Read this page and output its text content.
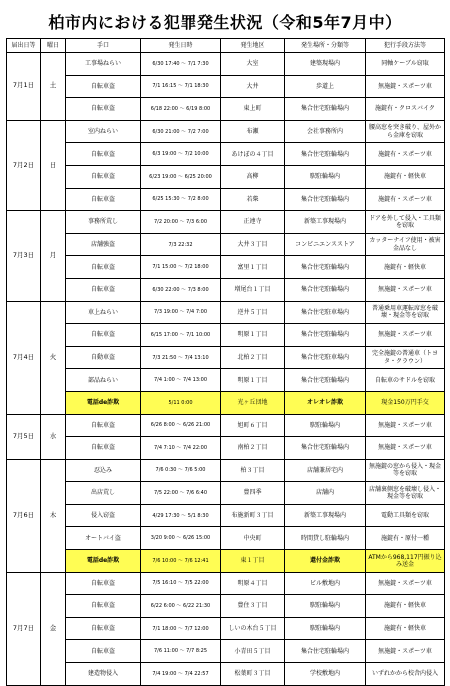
柏市内における犯罪発生状況（令和5年7月中）
届出日等	曜日	手口	発生日時	発生地区	発生場所・分類等	犯行手段方法等
7月1日	土	工事場ねらい	6/30 17:40 ～ 7/1 7:30	大室	建築現場内	同軸ケーブル窃取
		自転車盗	7/1 16:15 ～ 7/1 18:30	大井	歩道上	無施錠・スポーツ車
		自転車盗	6/18 22:00 ～ 6/19 8:00	東上町	集合住宅駐輪場内	施錠有・クロスバイク
7月2日	日	室内ねらい	6/30 21:00 ～ 7/2 7:00	布瀬	会社事務所内	腰高窓を突き破り、屋外から金庫を窃取
		自転車盗	6/3 19:00 ～ 7/2 10:00	あけぼの４丁目	集合住宅駐輪場内	施錠有・スポーツ車
		自転車盗	6/23 19:00 ～ 6/25 20:00	高柳	駅駐輪場内	施錠有・軽快車
		自転車盗	6/25 15:30 ～ 7/2 8:00	若柴	集合住宅駐輪場内	施錠有・スポーツ車
7月3日	月	事務所荒し	7/2 20:00 ～ 7/3 6:00	正連寺	新築工事現場内	ドアを外して侵入・工具類を窃取
		店舗強盗	7/3 22:32	大井３丁目	コンビニエンスストア	カッターナイフ使用・被害金品なし
		自転車盗	7/1 15:00 ～ 7/2 18:00	富里１丁目	集合住宅駐輪場内	施錠有・軽快車
		自転車盗	6/30 22:00 ～ 7/3 8:00	増尾台１丁目	集合住宅駐輪場内	無施錠・スポーツ車
7月4日	火	車上ねらい	7/3 19:00 ～ 7/4 7:00	逆井５丁目	集合住宅駐車場内	普通乗用車運転席窓を破壊・現金等を窃取
		自転車盗	6/15 17:00 ～ 7/1 10:00	明原１丁目	集合住宅駐輪場内	無施錠・スポーツ車
		自動車盗	7/3 21:50 ～ 7/4 13:10	北柏２丁目	集合住宅駐車場内	完全施錠の普通車（トヨタ・クラウン）
		部品ねらい	7/4 1:00 ～ 7/4 13:00	明原１丁目	集合住宅駐輪場内	自転車のサドルを窃取
		電話de詐欺	5/11 0:00	光ヶ丘団地	オレオレ詐欺	現金150万円手交
7月5日	水	自転車盗	6/26 8:00 ～ 6/26 21:00	旭町６丁目	駅駐輪場内	無施錠・スポーツ車
		自転車盗	7/4 7:10 ～ 7/4 22:00	南柏２丁目	集合住宅駐輪場内	無施錠・スポーツ車
7月6日	木	忍込み	7/6 0:30 ～ 7/6 5:00	柏３丁目	店舗兼居宅内	無施錠の窓から侵入・現金等を窃取
		出店荒し	7/5 22:00 ～ 7/6 6:40	豊四季	店舗内	店舗裏側窓を破壊し侵入・現金等を窃取
		侵入窃盗	4/29 17:30 ～ 5/1 8:30	布施新町３丁目	新築工事現場内	電動工具類を窃取
		オートバイ盗	3/20 9:00 ～ 6/26 15:00	中央町	時間貸し駐輪場内	施錠有・原付一種
		電話de詐欺	7/6 10:00 ～ 7/6 12:41	東１丁目	還付金詐欺	ATMから968,117円振り込み送金
7月7日	金	自転車盗	7/5 16:10 ～ 7/5 22:00	明原４丁目	ビル敷地内	無施錠・スポーツ車
		自転車盗	6/22 6:00 ～ 6/22 21:30	豊住３丁目	駅駐輪場内	施錠有・軽快車
		自転車盗	7/1 18:00 ～ 7/7 12:00	しいの木台５丁目	駅駐輪場内	施錠有・軽快車
		自転車盗	7/6 11:00 ～ 7/7 8:25	小青田５丁目	集合住宅駐輪場内	無施錠・スポーツ車
		建造物侵入	7/4 19:00 ～ 7/4 22:57	松葉町３丁目	学校敷地内	いずれかから校舎内侵入
